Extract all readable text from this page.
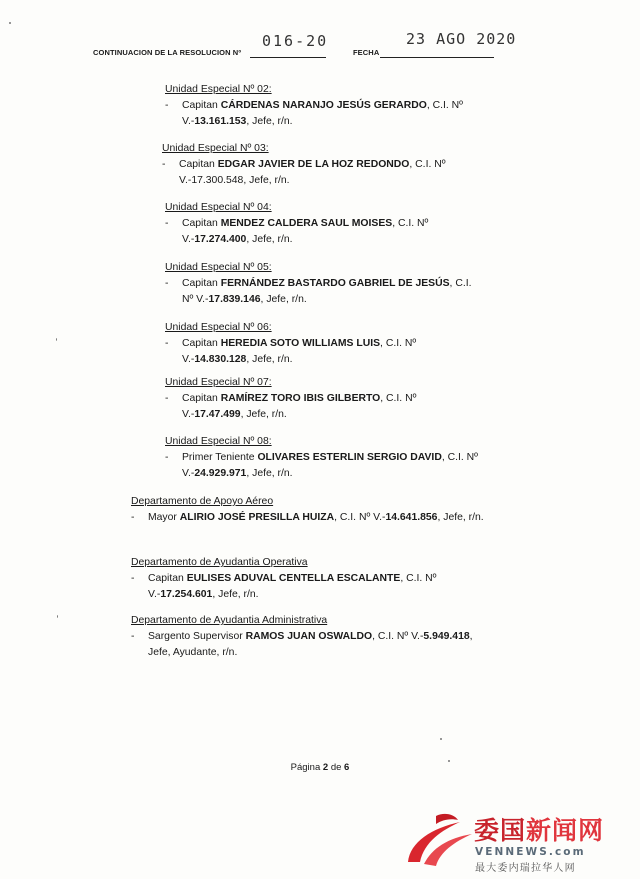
CONTINUACION DE LA RESOLUCION Nº
016-20
FECHA
23 AGO 2020
Unidad Especial Nº 02:
-	Capitan CÁRDENAS NARANJO JESÚS GERARDO, C.I. Nº V.-13.161.153, Jefe, r/n.
Unidad Especial Nº 03:
-	Capitan EDGAR JAVIER DE LA HOZ REDONDO, C.I. Nº V.-17.300.548, Jefe, r/n.
Unidad Especial Nº 04:
-	Capitan MENDEZ CALDERA SAUL MOISES, C.I. Nº V.-17.274.400, Jefe, r/n.
Unidad Especial Nº 05:
-	Capitan FERNÁNDEZ BASTARDO GABRIEL DE JESÚS, C.I. Nº V.-17.839.146, Jefe, r/n.
Unidad Especial Nº 06:
-	Capitan HEREDIA SOTO WILLIAMS LUIS, C.I. Nº V.-14.830.128, Jefe, r/n.
Unidad Especial Nº 07:
-	Capitan RAMÍREZ TORO IBIS GILBERTO, C.I. Nº V.-17.47.499, Jefe, r/n.
Unidad Especial Nº 08:
-	Primer Teniente OLIVARES ESTERLIN SERGIO DAVID, C.I. Nº V.-24.929.971, Jefe, r/n.
Departamento de Apoyo Aéreo
-	Mayor ALIRIO JOSÉ PRESILLA HUIZA, C.I. Nº V.-14.641.856, Jefe, r/n.
Departamento de Ayudantia Operativa
-	Capitan EULISES ADUVAL CENTELLA ESCALANTE, C.I. Nº V.-17.254.601, Jefe, r/n.
Departamento de Ayudantia Administrativa
-	Sargento Supervisor RAMOS JUAN OSWALDO, C.I. Nº V.-5.949.418, Jefe, Ayudante, r/n.
Página 2 de 6
委国新闻网
VENNEWS.com
最大委内瑞拉华人网
